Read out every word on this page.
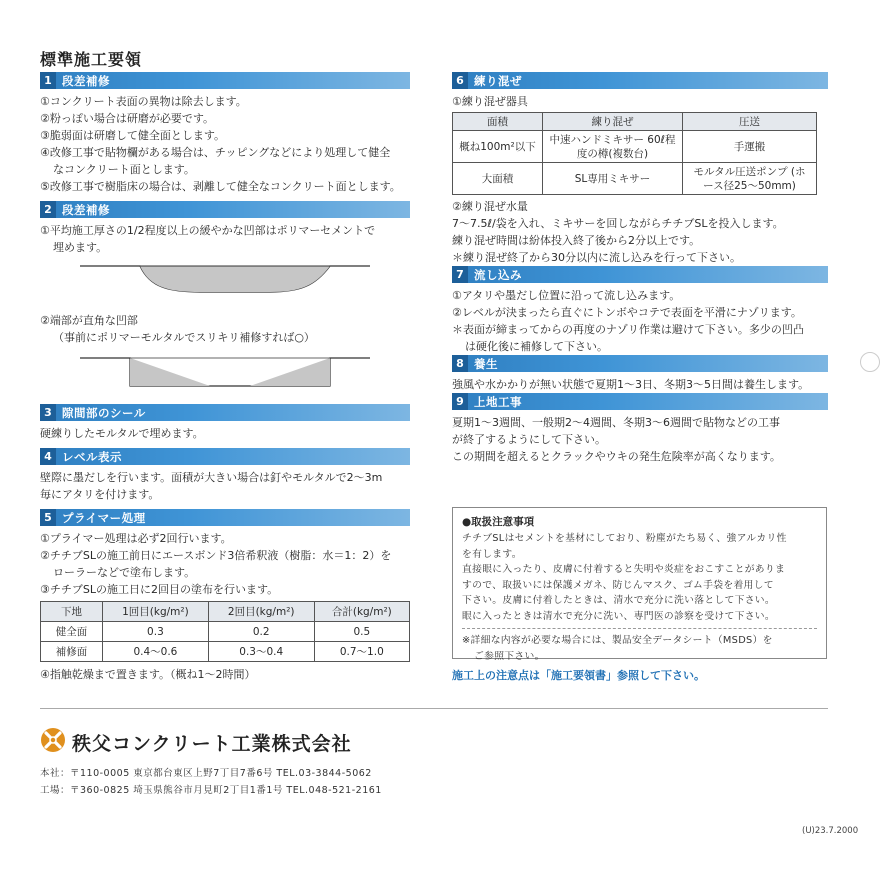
標準施工要領
1 段差補修
①コンクリート表面の異物は除去します。
②粉っぽい場合は研磨が必要です。
③脆弱面は研磨して健全面とします。
④改修工事で貼物欄がある場合は、チッピングなどにより処理して健全
なコンクリート面とします。
⑤改修工事で樹脂床の場合は、剥離して健全なコンクリート面とします。
2 段差補修
①平均施工厚さの1/2程度以上の緩やかな凹部はポリマーセメントで
埋めます。
②端部が直角な凹部
（事前にポリマーモルタルでスリキリ補修すれば○）
3 隙間部のシール
硬練りしたモルタルで埋めます。
4 レベル表示
壁際に墨だしを行います。面積が大きい場合は釘やモルタルで2〜3m
毎にアタリを付けます。
5 プライマー処理
①プライマー処理は必ず2回行います。
②チチブSLの施工前日にエースボンド3倍希釈液（樹脂：水＝1：2）を
ローラーなどで塗布します。
③チチブSLの施工日に2回目の塗布を行います。
下地	1回目(kg/m²)	2回目(kg/m²)	合計(kg/m²)
健全面	0.3	0.2	0.5
補修面	0.4〜0.6	0.3〜0.4	0.7〜1.0
④指触乾燥まで置きます。（概ね1〜2時間）
6 練り混ぜ
①練り混ぜ器具
面積	練り混ぜ	圧送
概ね100m²以下	中速ハンドミキサー 60ℓ程度の樽(複数台)	手運搬
大面積	SL専用ミキサー	モルタル圧送ポンプ (ホース径25〜50mm)
②練り混ぜ水量
7〜7.5ℓ/袋を入れ、ミキサーを回しながらチチブSLを投入します。
練り混ぜ時間は紛体投入終了後から2分以上です。
＊練り混ぜ終了から30分以内に流し込みを行って下さい。
7 流し込み
①アタリや墨だし位置に沿って流し込みます。
②レベルが決まったら直ぐにトンボやコテで表面を平滑にナゾリます。
＊表面が締まってからの再度のナゾリ作業は避けて下さい。多少の凹凸
は硬化後に補修して下さい。
8 養生
強風や水かかりが無い状態で夏期1〜3日、冬期3〜5日間は養生します。
9 上地工事
夏期1〜3週間、一般期2〜4週間、冬期3〜6週間で貼物などの工事
が終了するようにして下さい。
この期間を超えるとクラックやウキの発生危険率が高くなります。
●取扱注意事項
チチブSLはセメントを基材にしており、粉塵がたち易く、強アルカリ性
を有します。
直接眼に入ったり、皮膚に付着すると失明や炎症をおこすことがありま
すので、取扱いには保護メガネ、防じんマスク、ゴム手袋を着用して
下さい。皮膚に付着したときは、清水で充分に洗い落として下さい。
眼に入ったときは清水で充分に洗い、専門医の診察を受けて下さい。
※詳細な内容が必要な場合には、製品安全データシート（MSDS）を
ご参照下さい。
施工上の注意点は「施工要領書」参照して下さい。
秩父コンクリート工業株式会社
本社：〒110-0005 東京都台東区上野7丁目7番6号 TEL.03-3844-5062
工場：〒360-0825 埼玉県熊谷市月見町2丁目1番1号 TEL.048-521-2161
(U)23.7.2000
